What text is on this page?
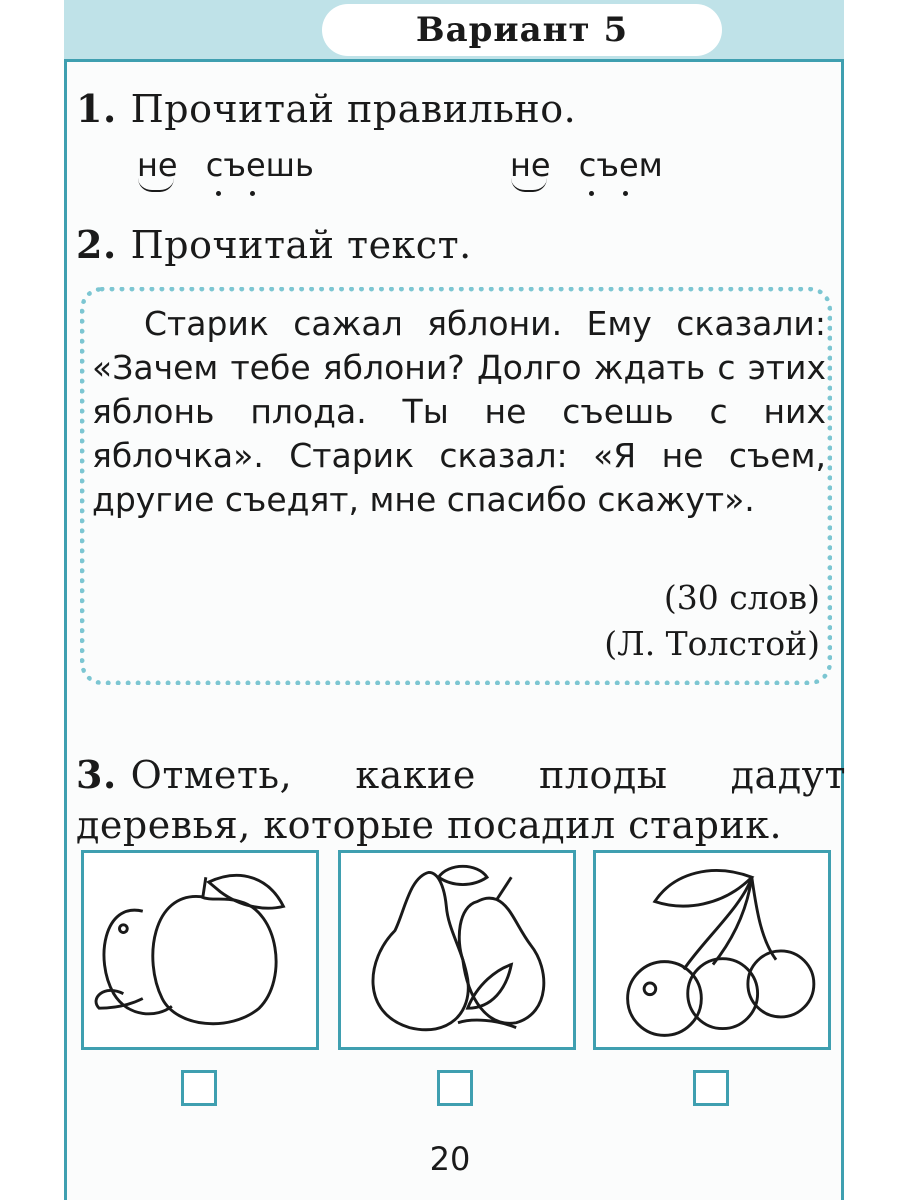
Вариант 5
1. Прочитай правильно.
не съешь	не съем
2. Прочитай текст.

Старик сажал яблони. Ему сказали: «Зачем тебе яблони? Долго ждать с этих яблонь плода. Ты не съешь с них яблочка». Старик сказал: «Я не съем, другие съедят, мне спасибо скажут».

(30 слов)
(Л. Толстой)
3. Отметь, какие плоды дадут деревья, которые посадил старик.
20
